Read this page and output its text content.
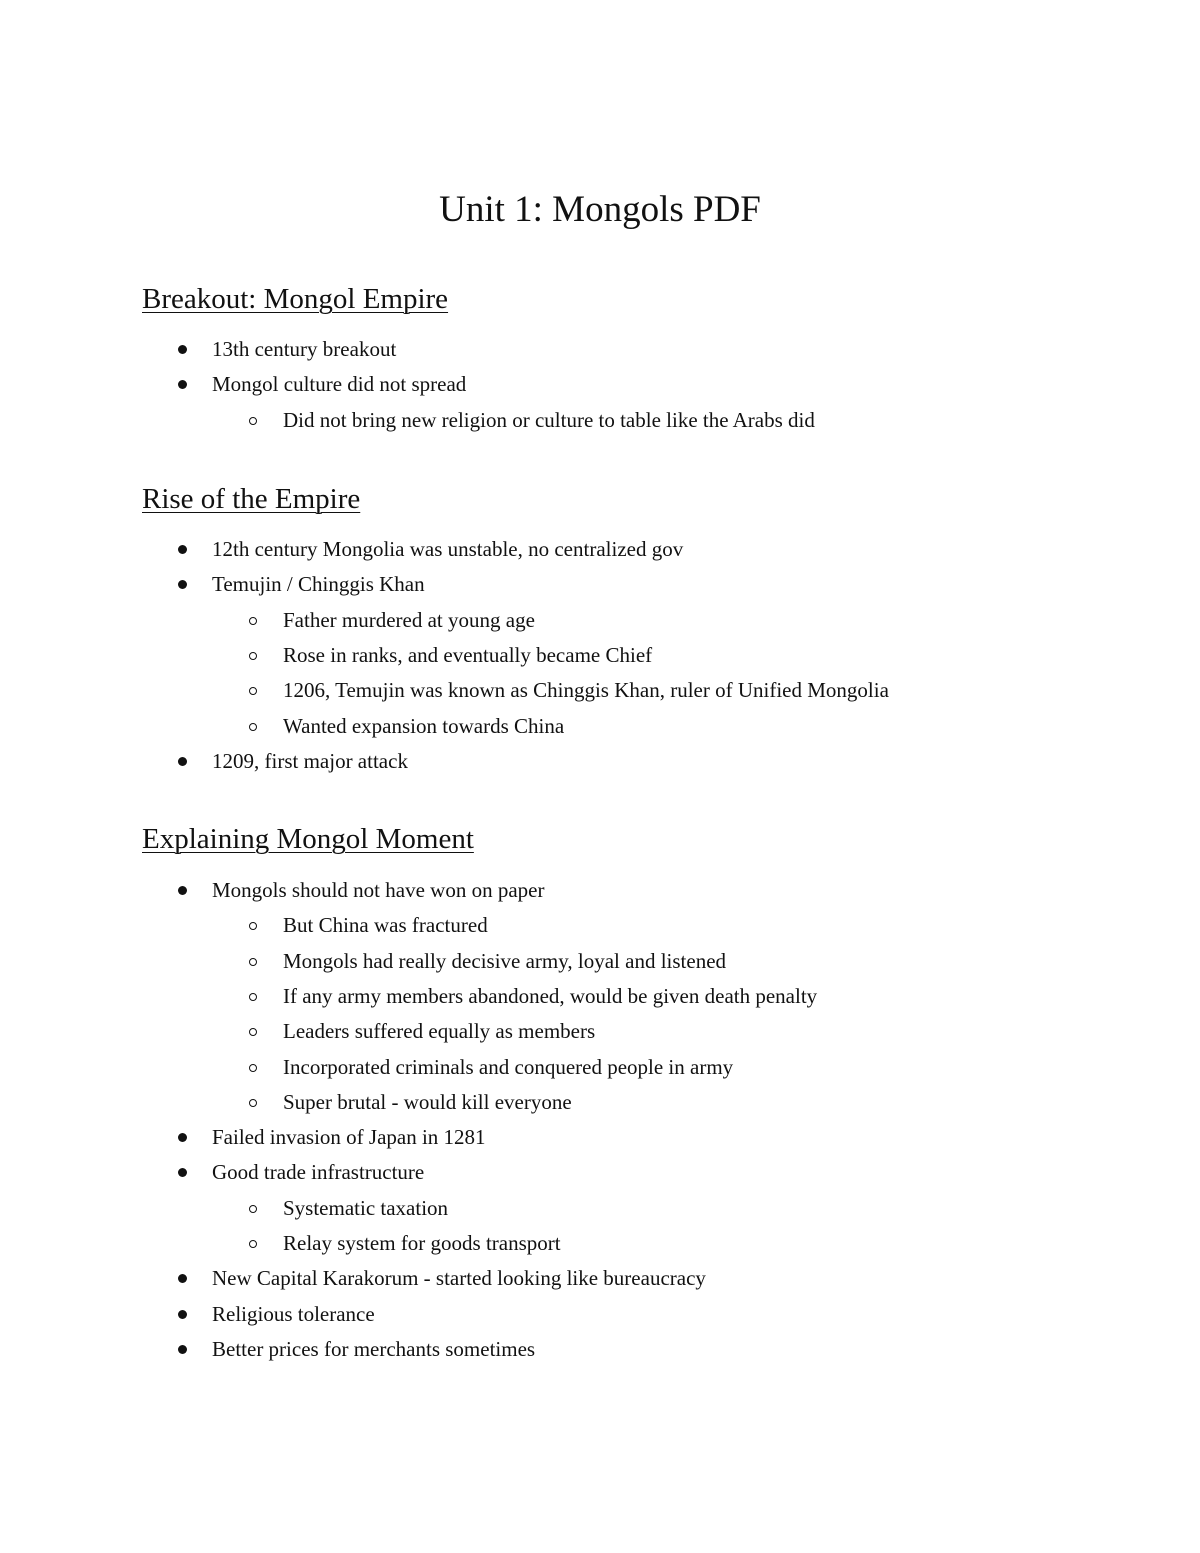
Unit 1: Mongols PDF
Breakout: Mongol Empire
13th century breakout
Mongol culture did not spread
Did not bring new religion or culture to table like the Arabs did
Rise of the Empire
12th century Mongolia was unstable, no centralized gov
Temujin / Chinggis Khan
Father murdered at young age
Rose in ranks, and eventually became Chief
1206, Temujin was known as Chinggis Khan, ruler of Unified Mongolia
Wanted expansion towards China
1209, first major attack
Explaining Mongol Moment
Mongols should not have won on paper
But China was fractured
Mongols had really decisive army, loyal and listened
If any army members abandoned, would be given death penalty
Leaders suffered equally as members
Incorporated criminals and conquered people in army
Super brutal - would kill everyone
Failed invasion of Japan in 1281
Good trade infrastructure
Systematic taxation
Relay system for goods transport
New Capital Karakorum - started looking like bureaucracy
Religious tolerance
Better prices for merchants sometimes
